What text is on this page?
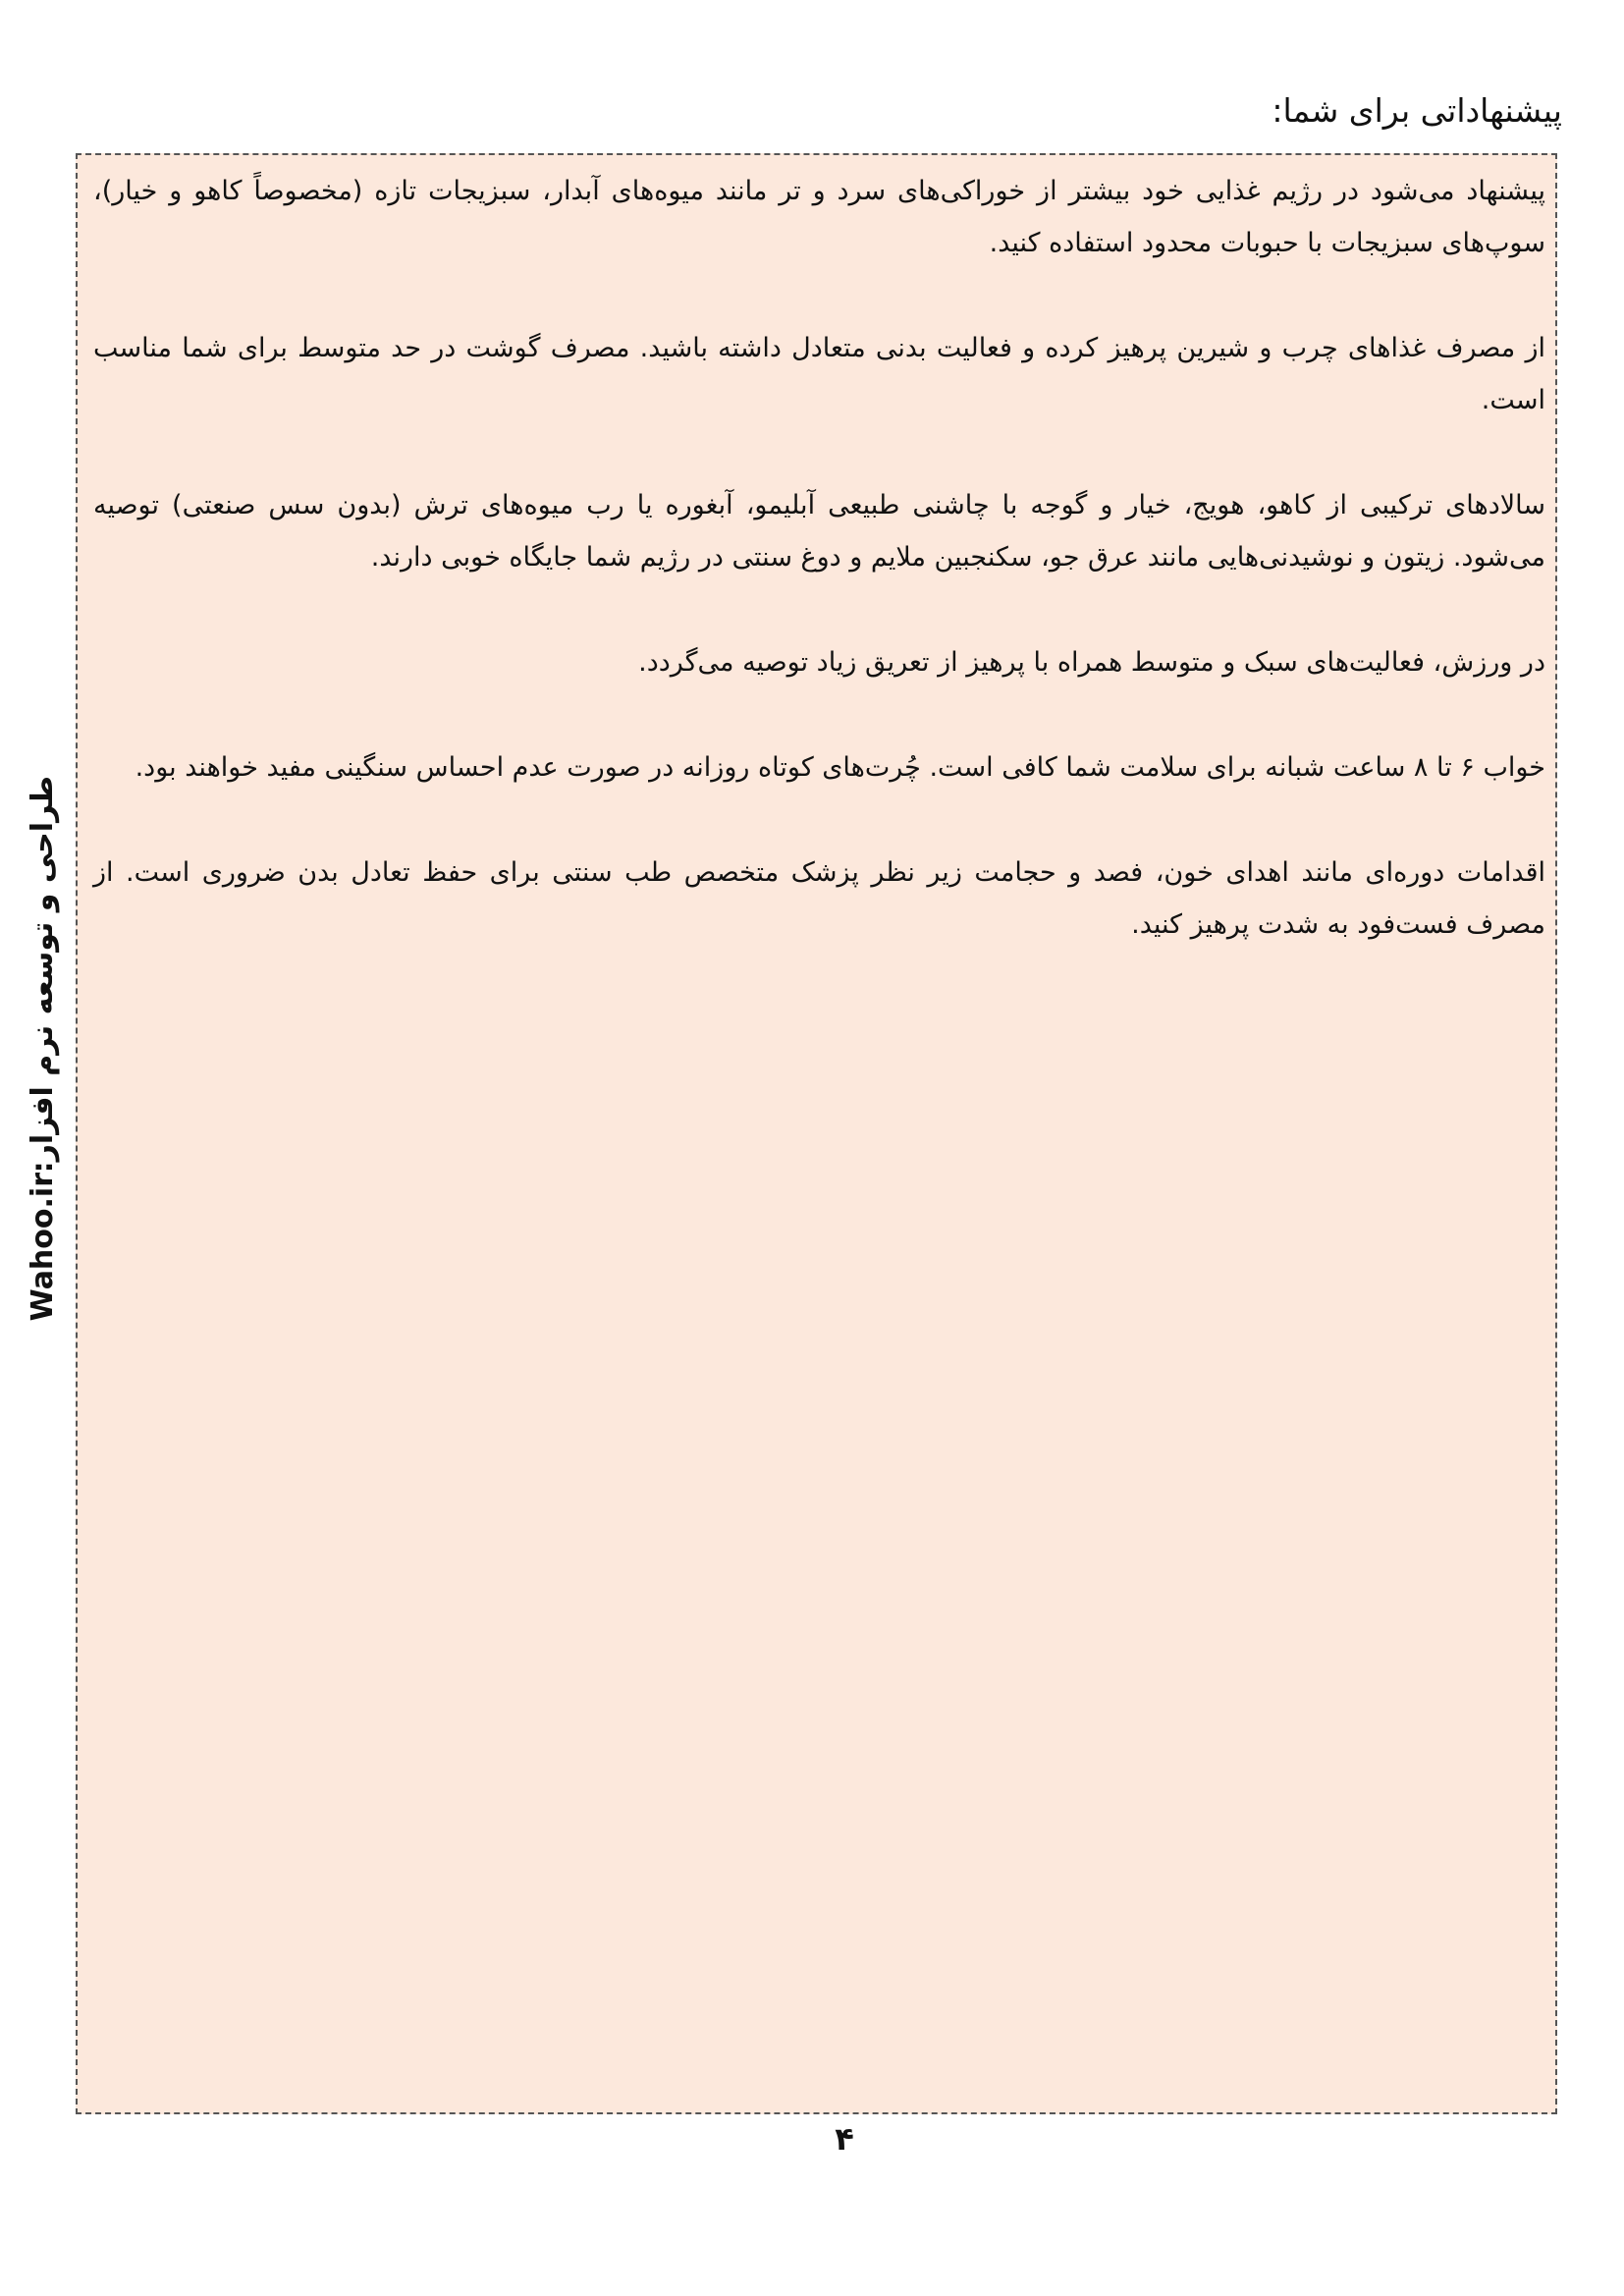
پیشنهاداتی برای شما:

پیشنهاد می‌شود در رژیم غذایی خود بیشتر از خوراکی‌های سرد و تر مانند میوه‌های آبدار، سبزیجات تازه (مخصوصاً کاهو و خیار)‏، سوپ‌های سبزیجات با حبوبات محدود استفاده کنید.

از مصرف غذاهای چرب و شیرین پرهیز کرده و فعالیت بدنی متعادل داشته باشید. مصرف گوشت در حد متوسط برای شما مناسب است.

سالادهای ترکیبی از کاهو، هویج، خیار و گوجه با چاشنی طبیعی آبلیمو، آبغوره یا رب میوه‌های ترش (بدون سس صنعتی) توصیه می‌شود. زیتون و نوشیدنی‌هایی مانند عرق جو، سکنجبین ملایم و دوغ سنتی در رژیم شما جایگاه خوبی دارند.

در ورزش، فعالیت‌های سبک و متوسط همراه با پرهیز از تعریق زیاد توصیه می‌گردد.

خواب ۶ تا ۸ ساعت شبانه برای سلامت شما کافی است. چُرت‌های کوتاه روزانه در صورت عدم احساس سنگینی مفید خواهند بود.

اقدامات دوره‌ای مانند اهدای خون، فصد و حجامت زیر نظر پزشک متخصص طب سنتی برای حفظ تعادل بدن ضروری است. از مصرف فست‌فود به شدت پرهیز کنید.

طراحی و توسعه نرم افزار:
Wahoo.ir
۴
